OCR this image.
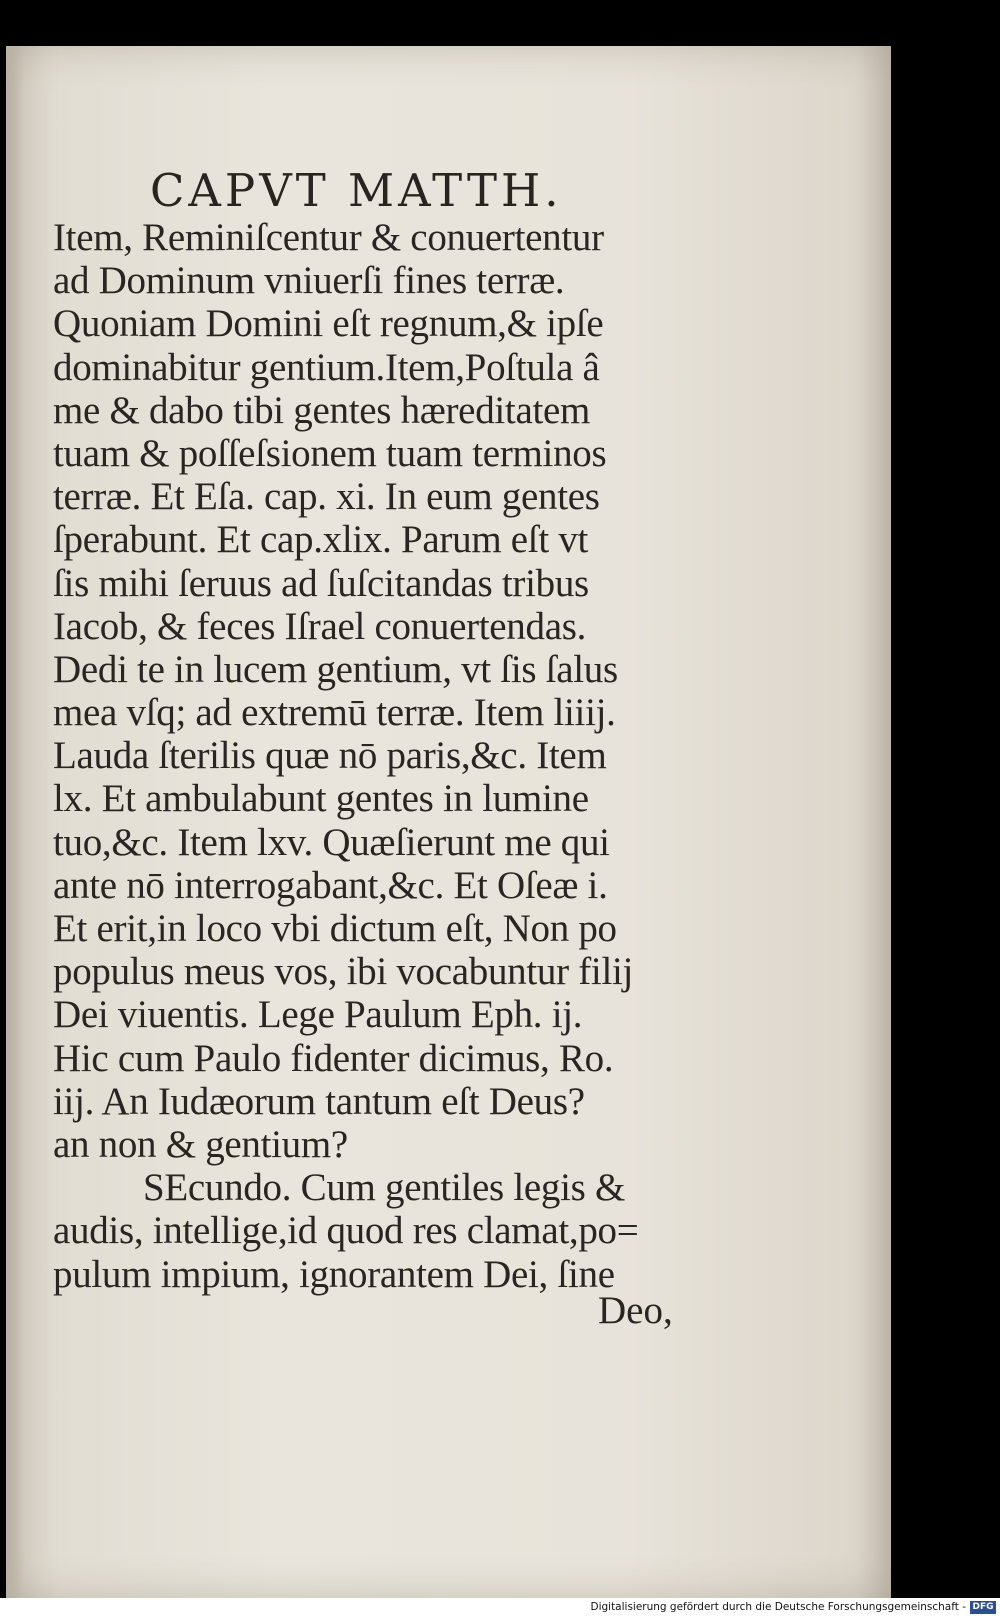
CAPVT MATTH.
Item, Reminiſcentur & conuertentur
ad Dominum vniuerſi fines terræ.
Quoniam Domini eſt regnum,& ipſe
dominabitur gentium.Item,Poſtula â
me & dabo tibi gentes hæreditatem
tuam & poſſeſsionem tuam terminos
terræ. Et Eſa. cap. xi. In eum gentes
ſperabunt. Et cap.xlix. Parum eſt vt
ſis mihi ſeruus ad ſuſcitandas tribus
Iacob, & feces Iſrael conuertendas.
Dedi te in lucem gentium, vt ſis ſalus
mea vſq; ad extremū terræ. Item liiij.
Lauda ſterilis quæ nō paris,&c. Item
lx. Et ambulabunt gentes in lumine
tuo,&c. Item lxv. Quæſierunt me qui
ante nō interrogabant,&c. Et Oſeæ i.
Et erit,in loco vbi dictum eſt, Non po
populus meus vos, ibi vocabuntur filij
Dei viuentis. Lege Paulum Eph. ij.
Hic cum Paulo fidenter dicimus, Ro.
iij. An Iudæorum tantum eſt Deus?
an non & gentium?
SEcundo. Cum gentiles legis &
audis, intellige,id quod res clamat,po=
pulum impium, ignorantem Dei, ſine
Deo,
Digitalisierung gefördert durch die Deutsche Forschungsgemeinschaft - DFG
